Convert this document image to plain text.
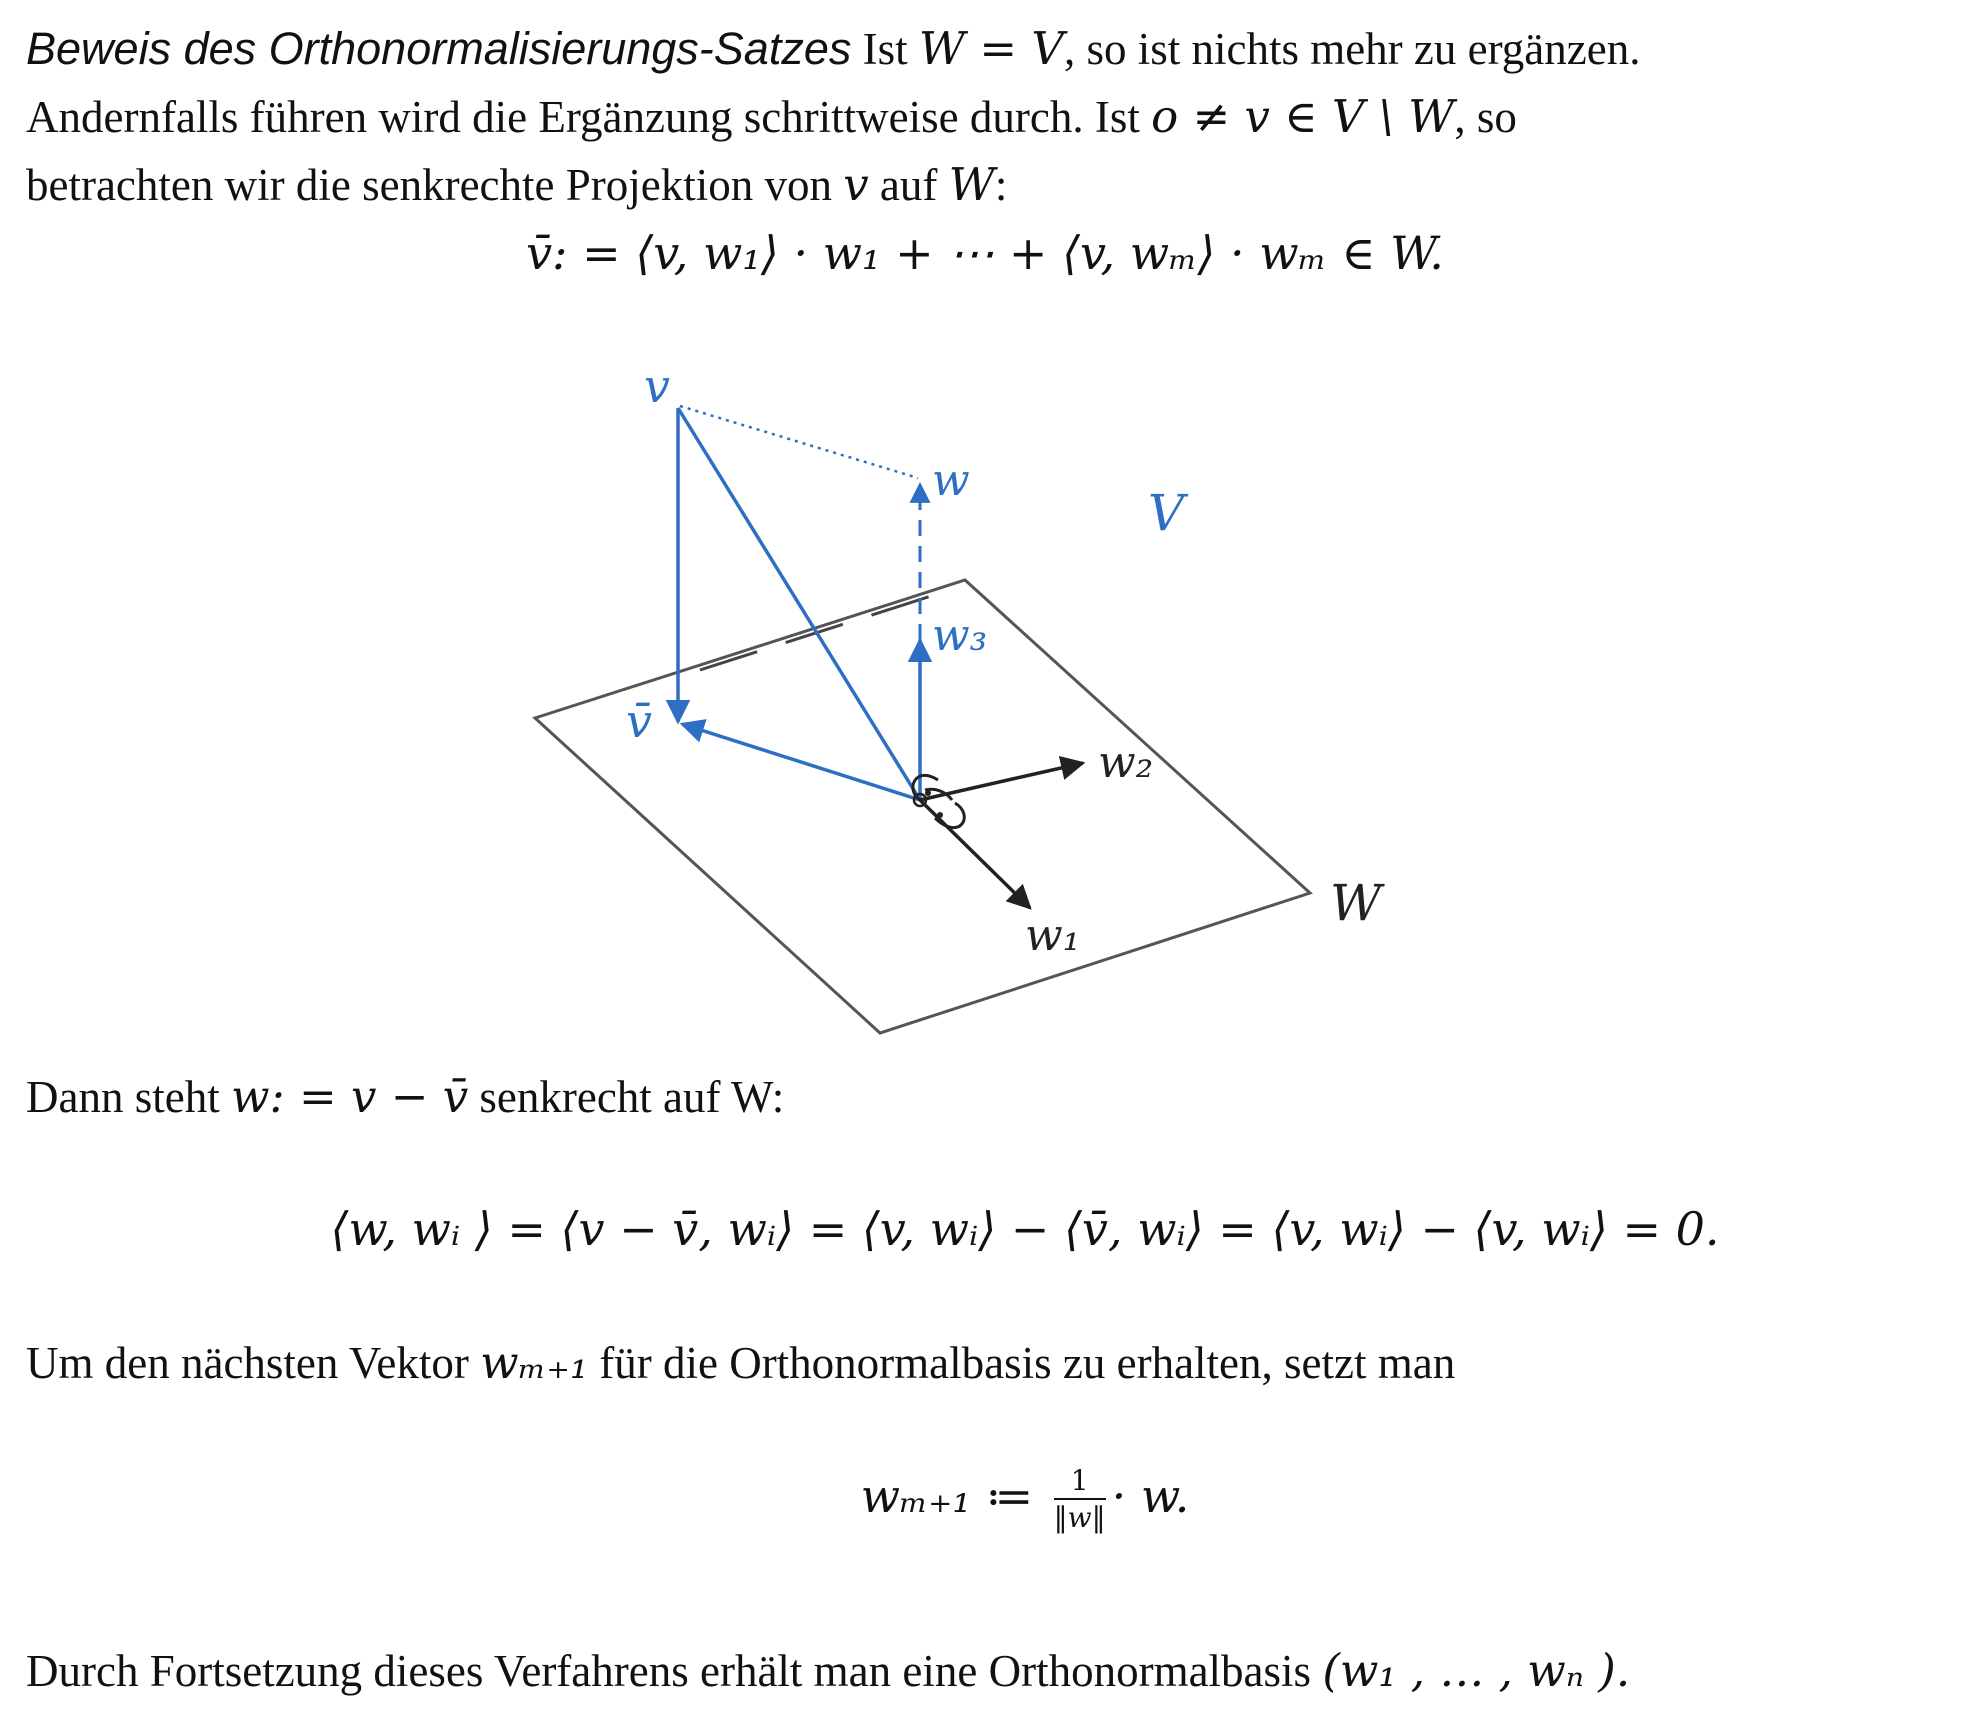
Beweis des Orthonormalisierungs-Satzes Ist W = V, so ist nichts mehr zu ergänzen.
Andernfalls führen wird die Ergänzung schrittweise durch. Ist o ≠ v ∈ V \ W, so
betrachten wir die senkrechte Projektion von v auf W:
v̄: = ⟨v, w₁⟩ · w₁ + ⋯ + ⟨v, wₘ⟩ · wₘ ∈ W.
v
w
V
w₃
v̄
w₂
w₁
W
Dann steht w: = v − v̄ senkrecht auf W:
⟨w, wᵢ ⟩ = ⟨v − v̄, wᵢ⟩ = ⟨v, wᵢ⟩ − ⟨v̄, wᵢ⟩ = ⟨v, wᵢ⟩ − ⟨v, wᵢ⟩ = 0.
Um den nächsten Vektor wₘ₊₁ für die Orthonormalbasis zu erhalten, setzt man
wₘ₊₁ ≔ $\frac{1}{‖w‖} \cdot w$.
Durch Fortsetzung dieses Verfahrens erhält man eine Orthonormalbasis (w₁ , … , wₙ ).
